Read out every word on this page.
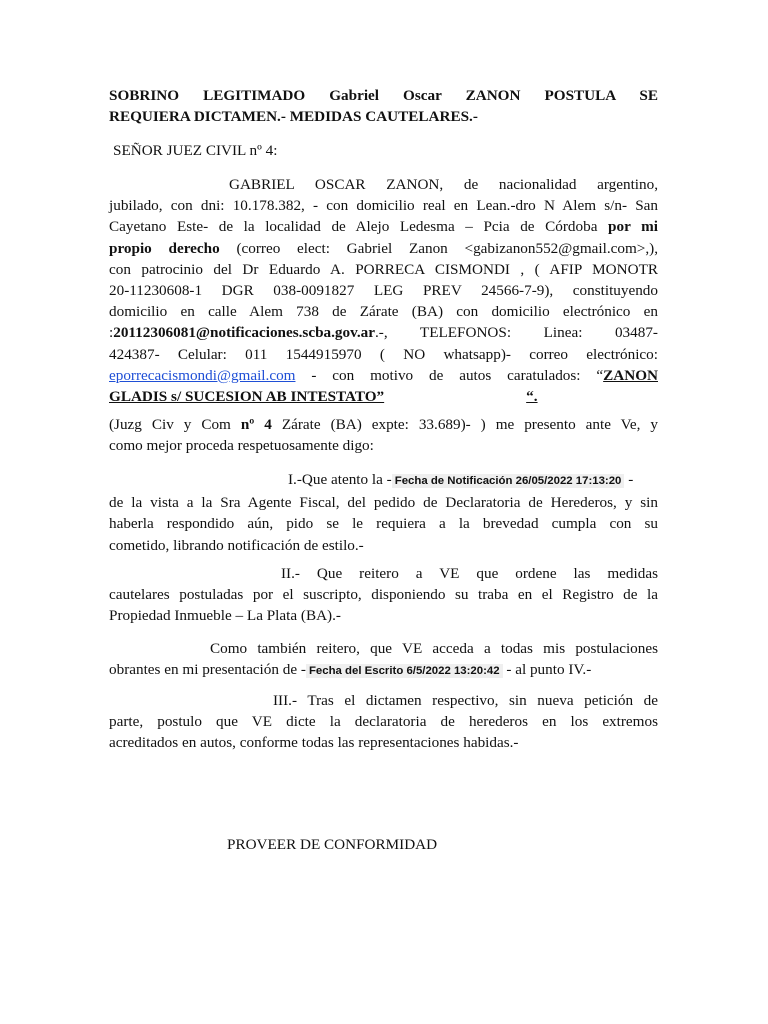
SOBRINO LEGITIMADO Gabriel Oscar ZANON POSTULA SE
REQUIERA DICTAMEN.- MEDIDAS CAUTELARES.-
SEÑOR JUEZ CIVIL nº 4:
GABRIEL OSCAR ZANON, de nacionalidad argentino,
jubilado, con dni: 10.178.382, - con domicilio real en Lean.-dro N Alem s/n- San
Cayetano Este- de la localidad de Alejo Ledesma – Pcia de Córdoba por mi
propio derecho (correo elect: Gabriel Zanon <gabizanon552@gmail.com>,),
con patrocinio del Dr Eduardo A. PORRECA CISMONDI , ( AFIP MONOTR
20-11230608-1 DGR 038-0091827 LEG PREV 24566-7-9), constituyendo
domicilio en calle Alem 738 de Zárate (BA) con domicilio electrónico en
:20112306081@notificaciones.scba.gov.ar.-, TELEFONOS: Linea: 03487-
424387- Celular: 011 1544915970 ( NO whatsapp)- correo electrónico:
eporrecacismondi@gmail.com - con motivo de autos caratulados: “ZANON
GLADIS s/ SUCESION AB INTESTATO”	“.
(Juzg Civ y Com nº 4 Zárate (BA) expte: 33.689)- ) me presento ante Ve, y
como mejor proceda respetuosamente digo:
I.-Que atento la - Fecha de Notificación 26/05/2022 17:13:20 -
de la vista a la Sra Agente Fiscal, del pedido de Declaratoria de Herederos, y sin
haberla respondido aún, pido se le requiera a la brevedad cumpla con su
cometido, librando notificación de estilo.-
II.- Que reitero a VE que ordene las medidas
cautelares postuladas por el suscripto, disponiendo su traba en el Registro de la
Propiedad Inmueble – La Plata (BA).-
Como también reitero, que VE acceda a todas mis postulaciones
obrantes en mi presentación de - Fecha del Escrito 6/5/2022 13:20:42 - al punto IV.-
III.- Tras el dictamen respectivo, sin nueva petición de
parte, postulo que VE dicte la declaratoria de herederos en los extremos
acreditados en autos, conforme todas las representaciones habidas.-
PROVEER DE CONFORMIDAD
